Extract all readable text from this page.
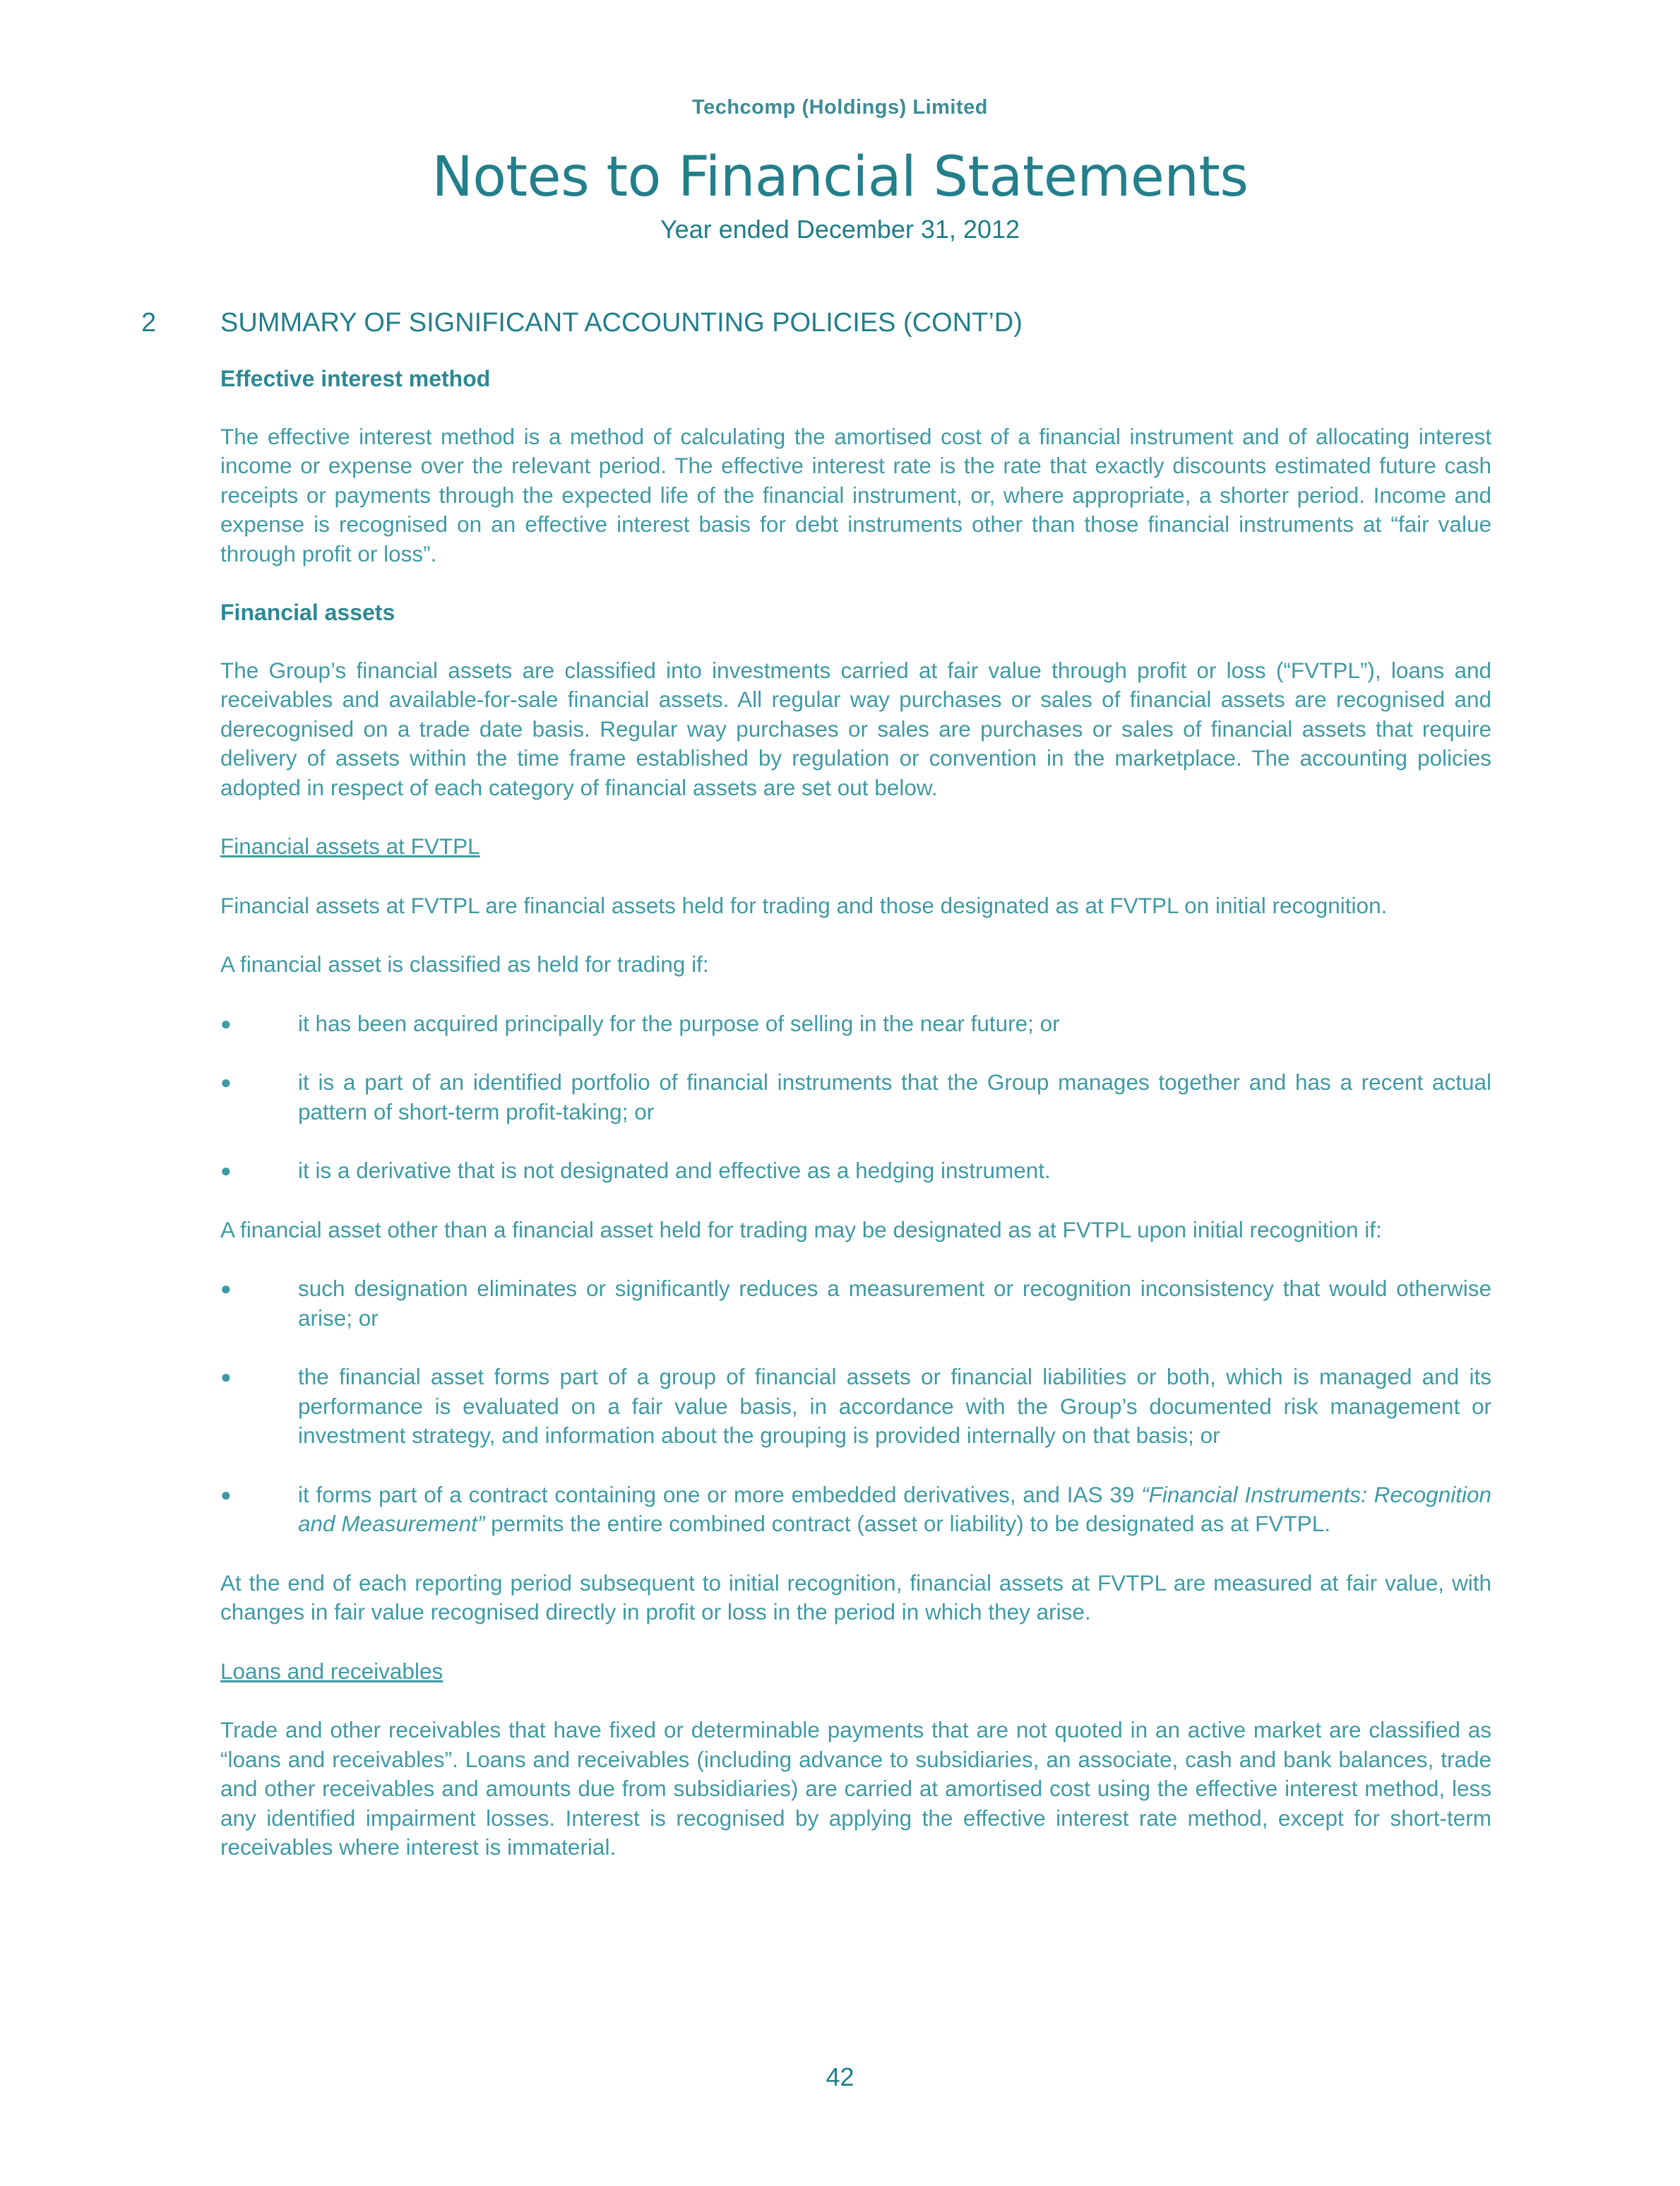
Techcomp (Holdings) Limited
Notes to Financial Statements
Year ended December 31, 2012
2 SUMMARY OF SIGNIFICANT ACCOUNTING POLICIES (CONT’D)
Effective interest method

The effective interest method is a method of calculating the amortised cost of a financial instrument and of allocating interest income or expense over the relevant period. The effective interest rate is the rate that exactly discounts estimated future cash receipts or payments through the expected life of the financial instrument, or, where appropriate, a shorter period. Income and expense is recognised on an effective interest basis for debt instruments other than those financial instruments at “fair value through profit or loss”.

Financial assets

The Group’s financial assets are classified into investments carried at fair value through profit or loss (“FVTPL”), loans and receivables and available-for-sale financial assets. All regular way purchases or sales of financial assets are recognised and derecognised on a trade date basis. Regular way purchases or sales are purchases or sales of financial assets that require delivery of assets within the time frame established by regulation or convention in the marketplace. The accounting policies adopted in respect of each category of financial assets are set out below.

Financial assets at FVTPL

Financial assets at FVTPL are financial assets held for trading and those designated as at FVTPL on initial recognition.

A financial asset is classified as held for trading if:

●	it has been acquired principally for the purpose of selling in the near future; or
●	it is a part of an identified portfolio of financial instruments that the Group manages together and has a recent actual pattern of short-term profit-taking; or
●	it is a derivative that is not designated and effective as a hedging instrument.

A financial asset other than a financial asset held for trading may be designated as at FVTPL upon initial recognition if:

●	such designation eliminates or significantly reduces a measurement or recognition inconsistency that would otherwise arise; or
●	the financial asset forms part of a group of financial assets or financial liabilities or both, which is managed and its performance is evaluated on a fair value basis, in accordance with the Group’s documented risk management or investment strategy, and information about the grouping is provided internally on that basis; or
●	it forms part of a contract containing one or more embedded derivatives, and IAS 39 “Financial Instruments: Recognition and Measurement” permits the entire combined contract (asset or liability) to be designated as at FVTPL.

At the end of each reporting period subsequent to initial recognition, financial assets at FVTPL are measured at fair value, with changes in fair value recognised directly in profit or loss in the period in which they arise.

Loans and receivables

Trade and other receivables that have fixed or determinable payments that are not quoted in an active market are classified as “loans and receivables”. Loans and receivables (including advance to subsidiaries, an associate, cash and bank balances, trade and other receivables and amounts due from subsidiaries) are carried at amortised cost using the effective interest method, less any identified impairment losses. Interest is recognised by applying the effective interest rate method, except for short-term receivables where interest is immaterial.

42
